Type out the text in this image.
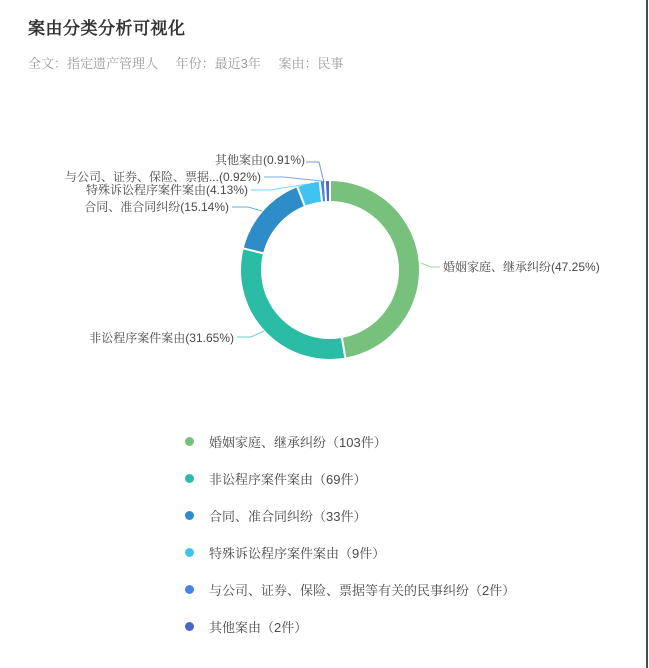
案由分类分析可视化
全文：指定遗产管理人 年份：最近3年 案由：民事
其他案由(0.91%)
与公司、证券、保险、票据...(0.92%)
特殊诉讼程序案件案由(4.13%)
合同、准合同纠纷(15.14%)
婚姻家庭、继承纠纷(47.25%)
非讼程序案件案由(31.65%)
婚姻家庭、继承纠纷（103件）
非讼程序案件案由（69件）
合同、准合同纠纷（33件）
特殊诉讼程序案件案由（9件）
与公司、证券、保险、票据等有关的民事纠纷（2件）
其他案由（2件）
